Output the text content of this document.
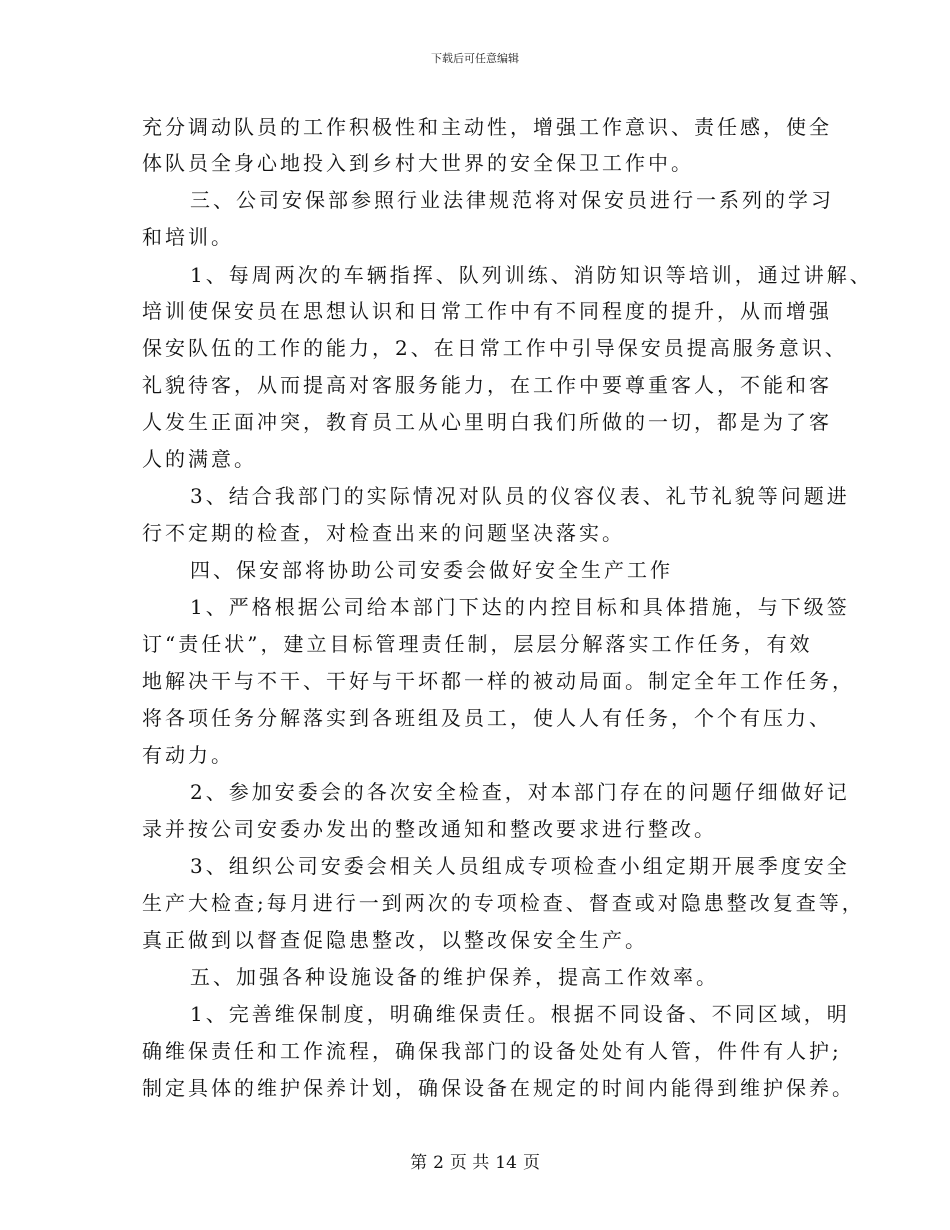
下载后可任意编辑
充分调动队员的工作积极性和主动性，增强工作意识、责任感，使全
体队员全身心地投入到乡村大世界的安全保卫工作中。
三、公司安保部参照行业法律规范将对保安员进行一系列的学习
和培训。
1、每周两次的车辆指挥、队列训练、消防知识等培训，通过讲解、
培训使保安员在思想认识和日常工作中有不同程度的提升，从而增强
保安队伍的工作的能力，2、在日常工作中引导保安员提高服务意识、
礼貌待客，从而提高对客服务能力，在工作中要尊重客人，不能和客
人发生正面冲突，教育员工从心里明白我们所做的一切，都是为了客
人的满意。
3、结合我部门的实际情况对队员的仪容仪表、礼节礼貌等问题进
行不定期的检查，对检查出来的问题坚决落实。
四、保安部将协助公司安委会做好安全生产工作
1、严格根据公司给本部门下达的内控目标和具体措施，与下级签
订“责任状”，建立目标管理责任制，层层分解落实工作任务，有效
地解决干与不干、干好与干坏都一样的被动局面。制定全年工作任务，
将各项任务分解落实到各班组及员工，使人人有任务，个个有压力、
有动力。
2、参加安委会的各次安全检查，对本部门存在的问题仔细做好记
录并按公司安委办发出的整改通知和整改要求进行整改。
3、组织公司安委会相关人员组成专项检查小组定期开展季度安全
生产大检查;每月进行一到两次的专项检查、督查或对隐患整改复查等，
真正做到以督查促隐患整改，以整改保安全生产。
五、加强各种设施设备的维护保养，提高工作效率。
1、完善维保制度，明确维保责任。根据不同设备、不同区域，明
确维保责任和工作流程，确保我部门的设备处处有人管，件件有人护;
制定具体的维护保养计划，确保设备在规定的时间内能得到维护保养。
第 2 页 共 14 页
